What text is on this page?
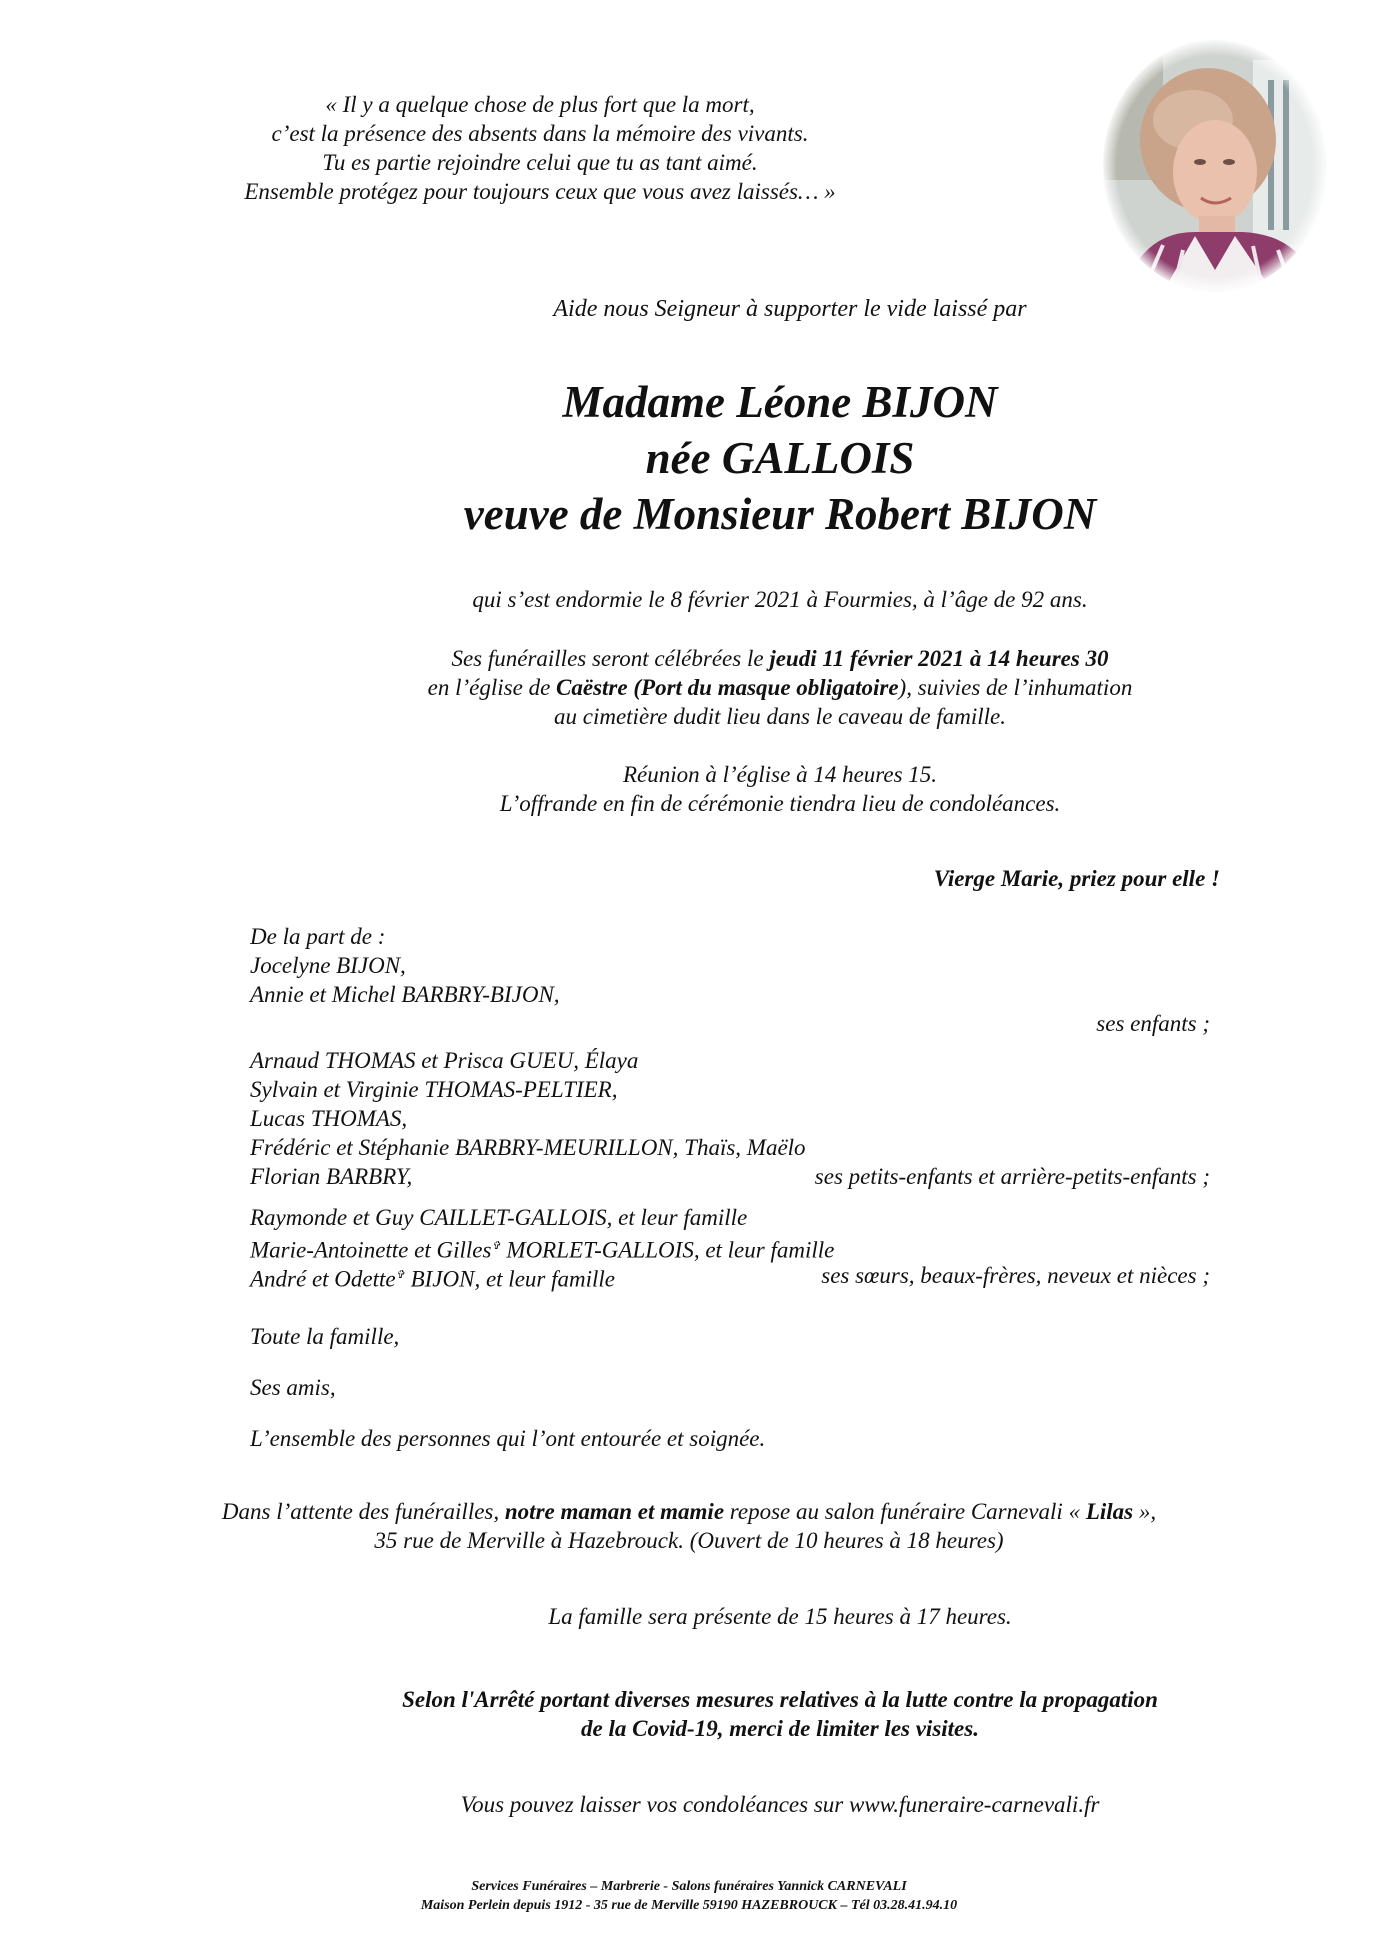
« Il y a quelque chose de plus fort que la mort,
c’est la présence des absents dans la mémoire des vivants.
Tu es partie rejoindre celui que tu as tant aimé.
Ensemble protégez pour toujours ceux que vous avez laissés… »
Aide nous Seigneur à supporter le vide laissé par
Madame Léone BIJON
née GALLOIS
veuve de Monsieur Robert BIJON
qui s’est endormie le 8 février 2021 à Fourmies, à l’âge de 92 ans.
Ses funérailles seront célébrées le jeudi 11 février 2021 à 14 heures 30
en l’église de Caëstre (Port du masque obligatoire), suivies de l’inhumation
au cimetière dudit lieu dans le caveau de famille.
Réunion à l’église à 14 heures 15.
L’offrande en fin de cérémonie tiendra lieu de condoléances.
Vierge Marie, priez pour elle !
De la part de :
Jocelyne BIJON,
Annie et Michel BARBRY-BIJON,
ses enfants ;
Arnaud THOMAS et Prisca GUEU, Élaya
Sylvain et Virginie THOMAS-PELTIER,
Lucas THOMAS,
Frédéric et Stéphanie BARBRY-MEURILLON, Thaïs, Maëlo
Florian BARBRY,	ses petits-enfants et arrière-petits-enfants ;
Raymonde et Guy CAILLET-GALLOIS, et leur famille
Marie-Antoinette et Gilles✞ MORLET-GALLOIS, et leur famille
André et Odette✞ BIJON, et leur famille	ses sœurs, beaux-frères, neveux et nièces ;
Toute la famille,
Ses amis,
L’ensemble des personnes qui l’ont entourée et soignée.
Dans l’attente des funérailles, notre maman et mamie repose au salon funéraire Carnevali « Lilas »,
35 rue de Merville à Hazebrouck. (Ouvert de 10 heures à 18 heures)
La famille sera présente de 15 heures à 17 heures.
Selon l'Arrêté portant diverses mesures relatives à la lutte contre la propagation
de la Covid-19, merci de limiter les visites.
Vous pouvez laisser vos condoléances sur www.funeraire-carnevali.fr
Services Funéraires – Marbrerie - Salons funéraires Yannick CARNEVALI
Maison Perlein depuis 1912 - 35 rue de Merville 59190 HAZEBROUCK – Tél 03.28.41.94.10
